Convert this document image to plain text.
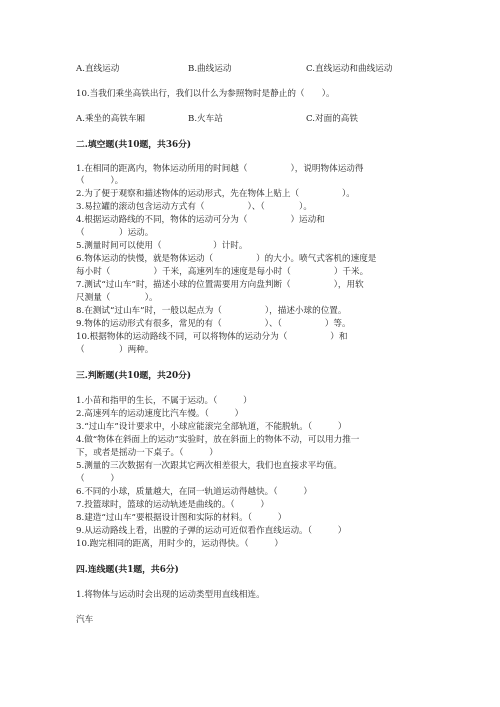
A.直线运动	B.曲线运动	C.直线运动和曲线运动
10.当我们乘坐高铁出行，我们以什么为参照物时是静止的（　　）。
A.乘坐的高铁车厢	B.火车站	C.对面的高铁
二.填空题(共10题，共36分)
1.在相同的距离内，物体运动所用的时间越（　　　　　），说明物体运动得
（　　　）。
2.为了便于观察和描述物体的运动形式，先在物体上贴上（　　　　　）。
3.易拉罐的滚动包含运动方式有（　　　　　）、（　　　　）。
4.根据运动路线的不同，物体的运动可分为（　　　　　）运动和
（　　　　）运动。
5.测量时间可以使用（　　　　　　）计时。
6.物体运动的快慢，就是物体运动（　　　　　）的大小。喷气式客机的速度是
每小时（　　　　　）千米，高速列车的速度是每小时（　　　　　）千米。
7.测试“过山车”时，描述小球的位置需要用方向盘判断（　　　　　），用软
尺测量（　　　　）。
8.在测试“过山车”时，一般以起点为（　　　　　），描述小球的位置。
9.物体的运动形式有很多，常见的有（　　　　　）、（　　　　　）等。
10.根据物体的运动路线不同，可以将物体的运动分为（　　　　　）和
（　　　　）两种。
三.判断题(共10题，共20分)
1.小苗和指甲的生长，不属于运动。（　　　）
2.高速列车的运动速度比汽车慢。（　　　）
3.“过山车”设计要求中，小球应能滚完全部轨道，不能脱轨。（　　　）
4.做“物体在斜面上的运动”实验时，放在斜面上的物体不动，可以用力推一
下，或者是摇动一下桌子。（　　　）
5.测量的三次数据有一次跟其它两次相差很大，我们也直接求平均值。
（　　　）
6.不同的小球，质量越大，在同一轨道运动得越快。（　　　）
7.投篮球时，篮球的运动轨迹是曲线的。（　　　）
8.建造“过山车”要根据设计图和实际的材料。（　　　）
9.从运动路线上看，出膛的子弹的运动可近似看作直线运动。（　　　）
10.跑完相同的距离，用时少的，运动得快。（　　　）
四.连线题(共1题，共6分)
1.将物体与运动时会出现的运动类型用直线相连。
汽车
